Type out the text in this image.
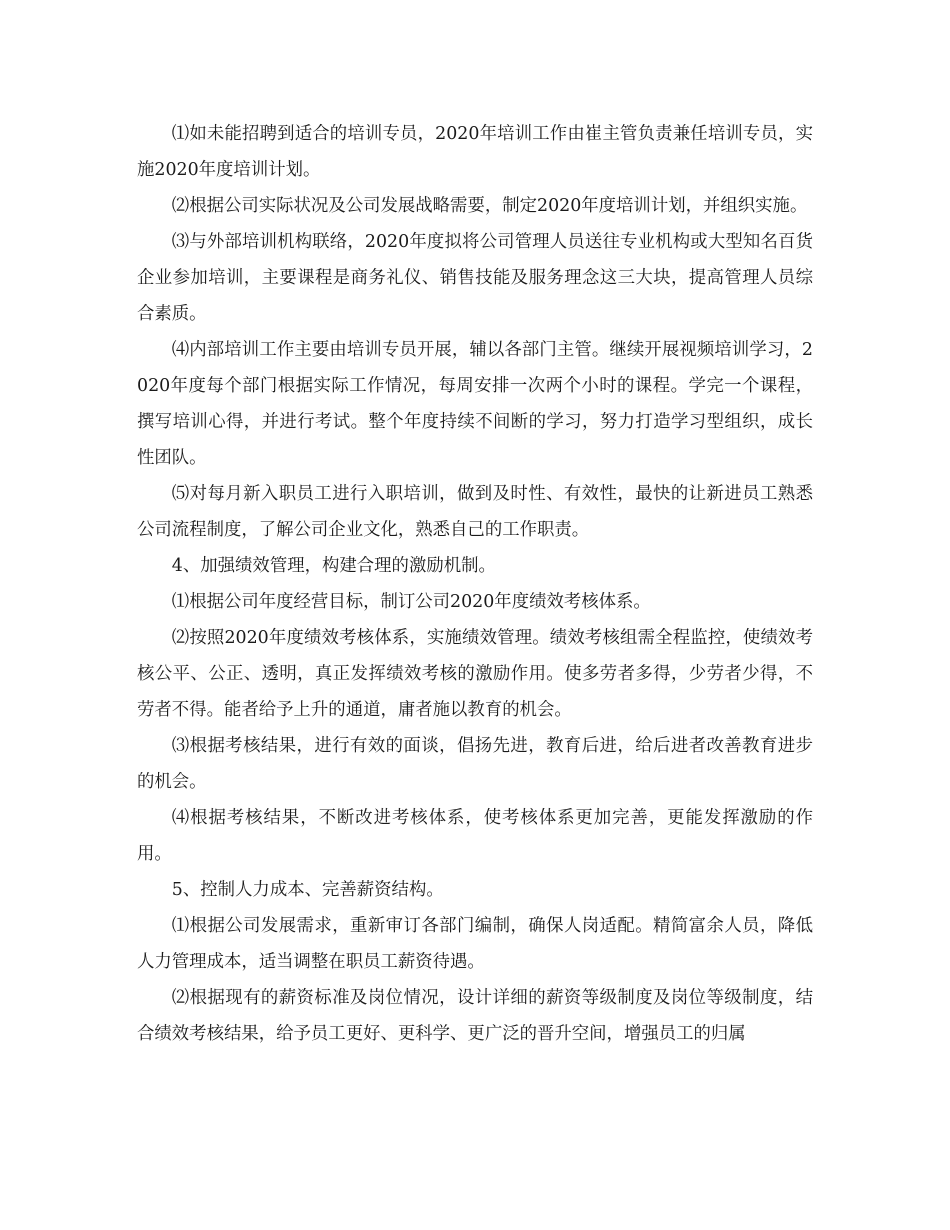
⑴如未能招聘到适合的培训专员，2020年培训工作由崔主管负责兼任培训专员，实施2020年度培训计划。

⑵根据公司实际状况及公司发展战略需要，制定2020年度培训计划，并组织实施。

⑶与外部培训机构联络，2020年度拟将公司管理人员送往专业机构或大型知名百货企业参加培训，主要课程是商务礼仪、销售技能及服务理念这三大块，提高管理人员综合素质。

⑷内部培训工作主要由培训专员开展，辅以各部门主管。继续开展视频培训学习，2020年度每个部门根据实际工作情况，每周安排一次两个小时的课程。学完一个课程，撰写培训心得，并进行考试。整个年度持续不间断的学习，努力打造学习型组织，成长性团队。

⑸对每月新入职员工进行入职培训，做到及时性、有效性，最快的让新进员工熟悉公司流程制度，了解公司企业文化，熟悉自己的工作职责。

4、加强绩效管理，构建合理的激励机制。

⑴根据公司年度经营目标，制订公司2020年度绩效考核体系。

⑵按照2020年度绩效考核体系，实施绩效管理。绩效考核组需全程监控，使绩效考核公平、公正、透明，真正发挥绩效考核的激励作用。使多劳者多得，少劳者少得，不劳者不得。能者给予上升的通道，庸者施以教育的机会。

⑶根据考核结果，进行有效的面谈，倡扬先进，教育后进，给后进者改善教育进步的机会。

⑷根据考核结果，不断改进考核体系，使考核体系更加完善，更能发挥激励的作用。

5、控制人力成本、完善薪资结构。

⑴根据公司发展需求，重新审订各部门编制，确保人岗适配。精简富余人员，降低人力管理成本，适当调整在职员工薪资待遇。

⑵根据现有的薪资标准及岗位情况，设计详细的薪资等级制度及岗位等级制度，结合绩效考核结果，给予员工更好、更科学、更广泛的晋升空间，增强员工的归属
